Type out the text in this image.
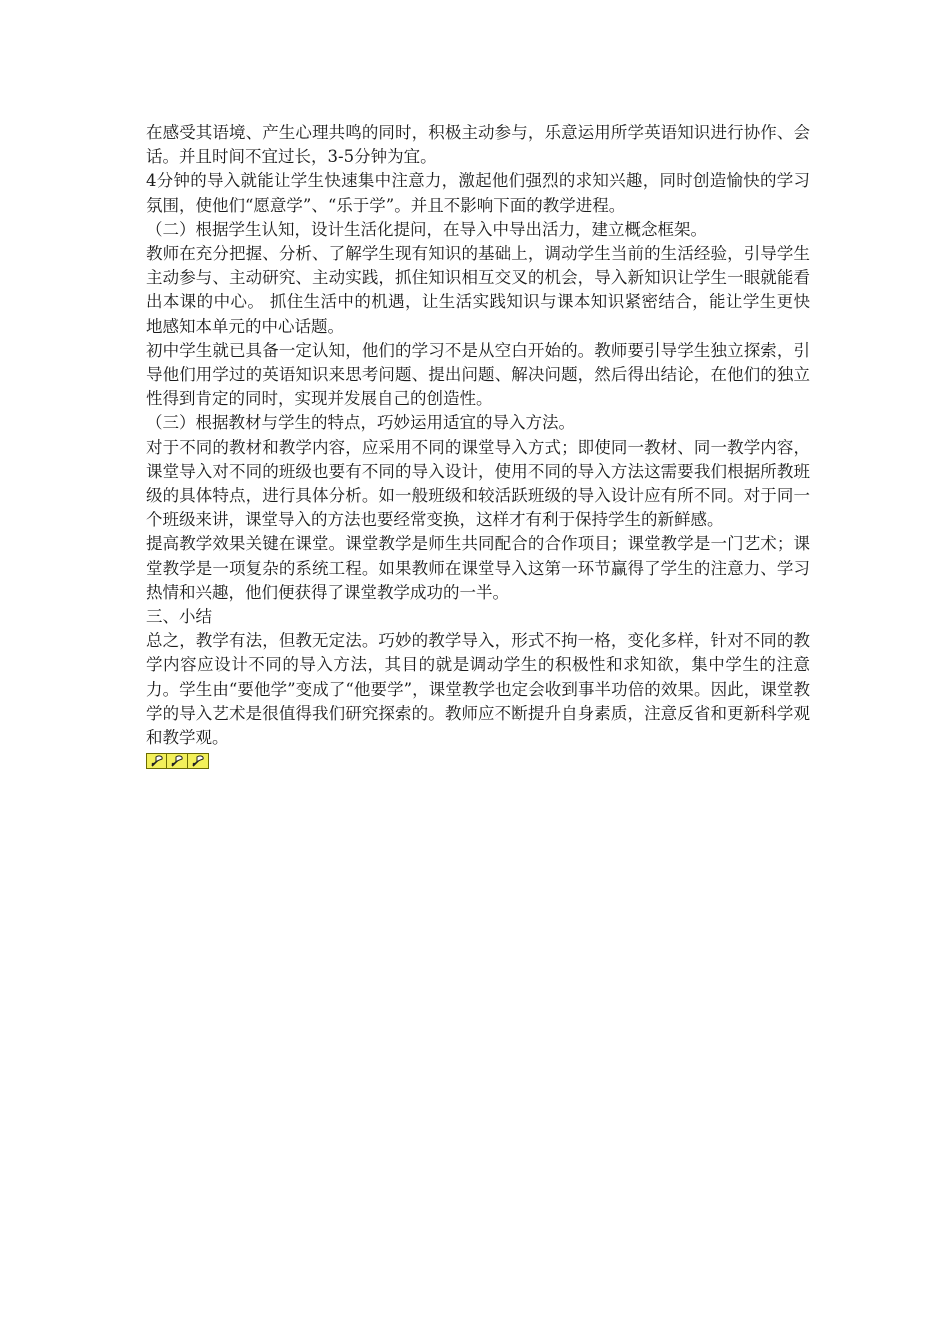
在感受其语境、产生心理共鸣的同时，积极主动参与，乐意运用所学英语知识进行协作、会话。并且时间不宜过长，3-5分钟为宜。

4分钟的导入就能让学生快速集中注意力，激起他们强烈的求知兴趣，同时创造愉快的学习氛围，使他们“愿意学”、“乐于学”。并且不影响下面的教学进程。

（二）根据学生认知，设计生活化提问，在导入中导出活力，建立概念框架。

教师在充分把握、分析、了解学生现有知识的基础上，调动学生当前的生活经验，引导学生主动参与、主动研究、主动实践，抓住知识相互交叉的机会，导入新知识让学生一眼就能看出本课的中心。 抓住生活中的机遇，让生活实践知识与课本知识紧密结合，能让学生更快地感知本单元的中心话题。

初中学生就已具备一定认知，他们的学习不是从空白开始的。教师要引导学生独立探索，引导他们用学过的英语知识来思考问题、提出问题、解决问题，然后得出结论，在他们的独立性得到肯定的同时，实现并发展自己的创造性。

（三）根据教材与学生的特点，巧妙运用适宜的导入方法。

对于不同的教材和教学内容，应采用不同的课堂导入方式；即使同一教材、同一教学内容，课堂导入对不同的班级也要有不同的导入设计，使用不同的导入方法这需要我们根据所教班级的具体特点，进行具体分析。如一般班级和较活跃班级的导入设计应有所不同。对于同一个班级来讲，课堂导入的方法也要经常变换，这样才有利于保持学生的新鲜感。

提高教学效果关键在课堂。课堂教学是师生共同配合的合作项目；课堂教学是一门艺术；课堂教学是一项复杂的系统工程。如果教师在课堂导入这第一环节赢得了学生的注意力、学习热情和兴趣，他们便获得了课堂教学成功的一半。

三、小结

总之，教学有法，但教无定法。巧妙的教学导入，形式不拘一格，变化多样，针对不同的教学内容应设计不同的导入方法，其目的就是调动学生的积极性和求知欲，集中学生的注意力。学生由“要他学”变成了“他要学”，课堂教学也定会收到事半功倍的效果。因此，课堂教学的导入艺术是很值得我们研究探索的。教师应不断提升自身素质，注意反省和更新科学观和教学观。
